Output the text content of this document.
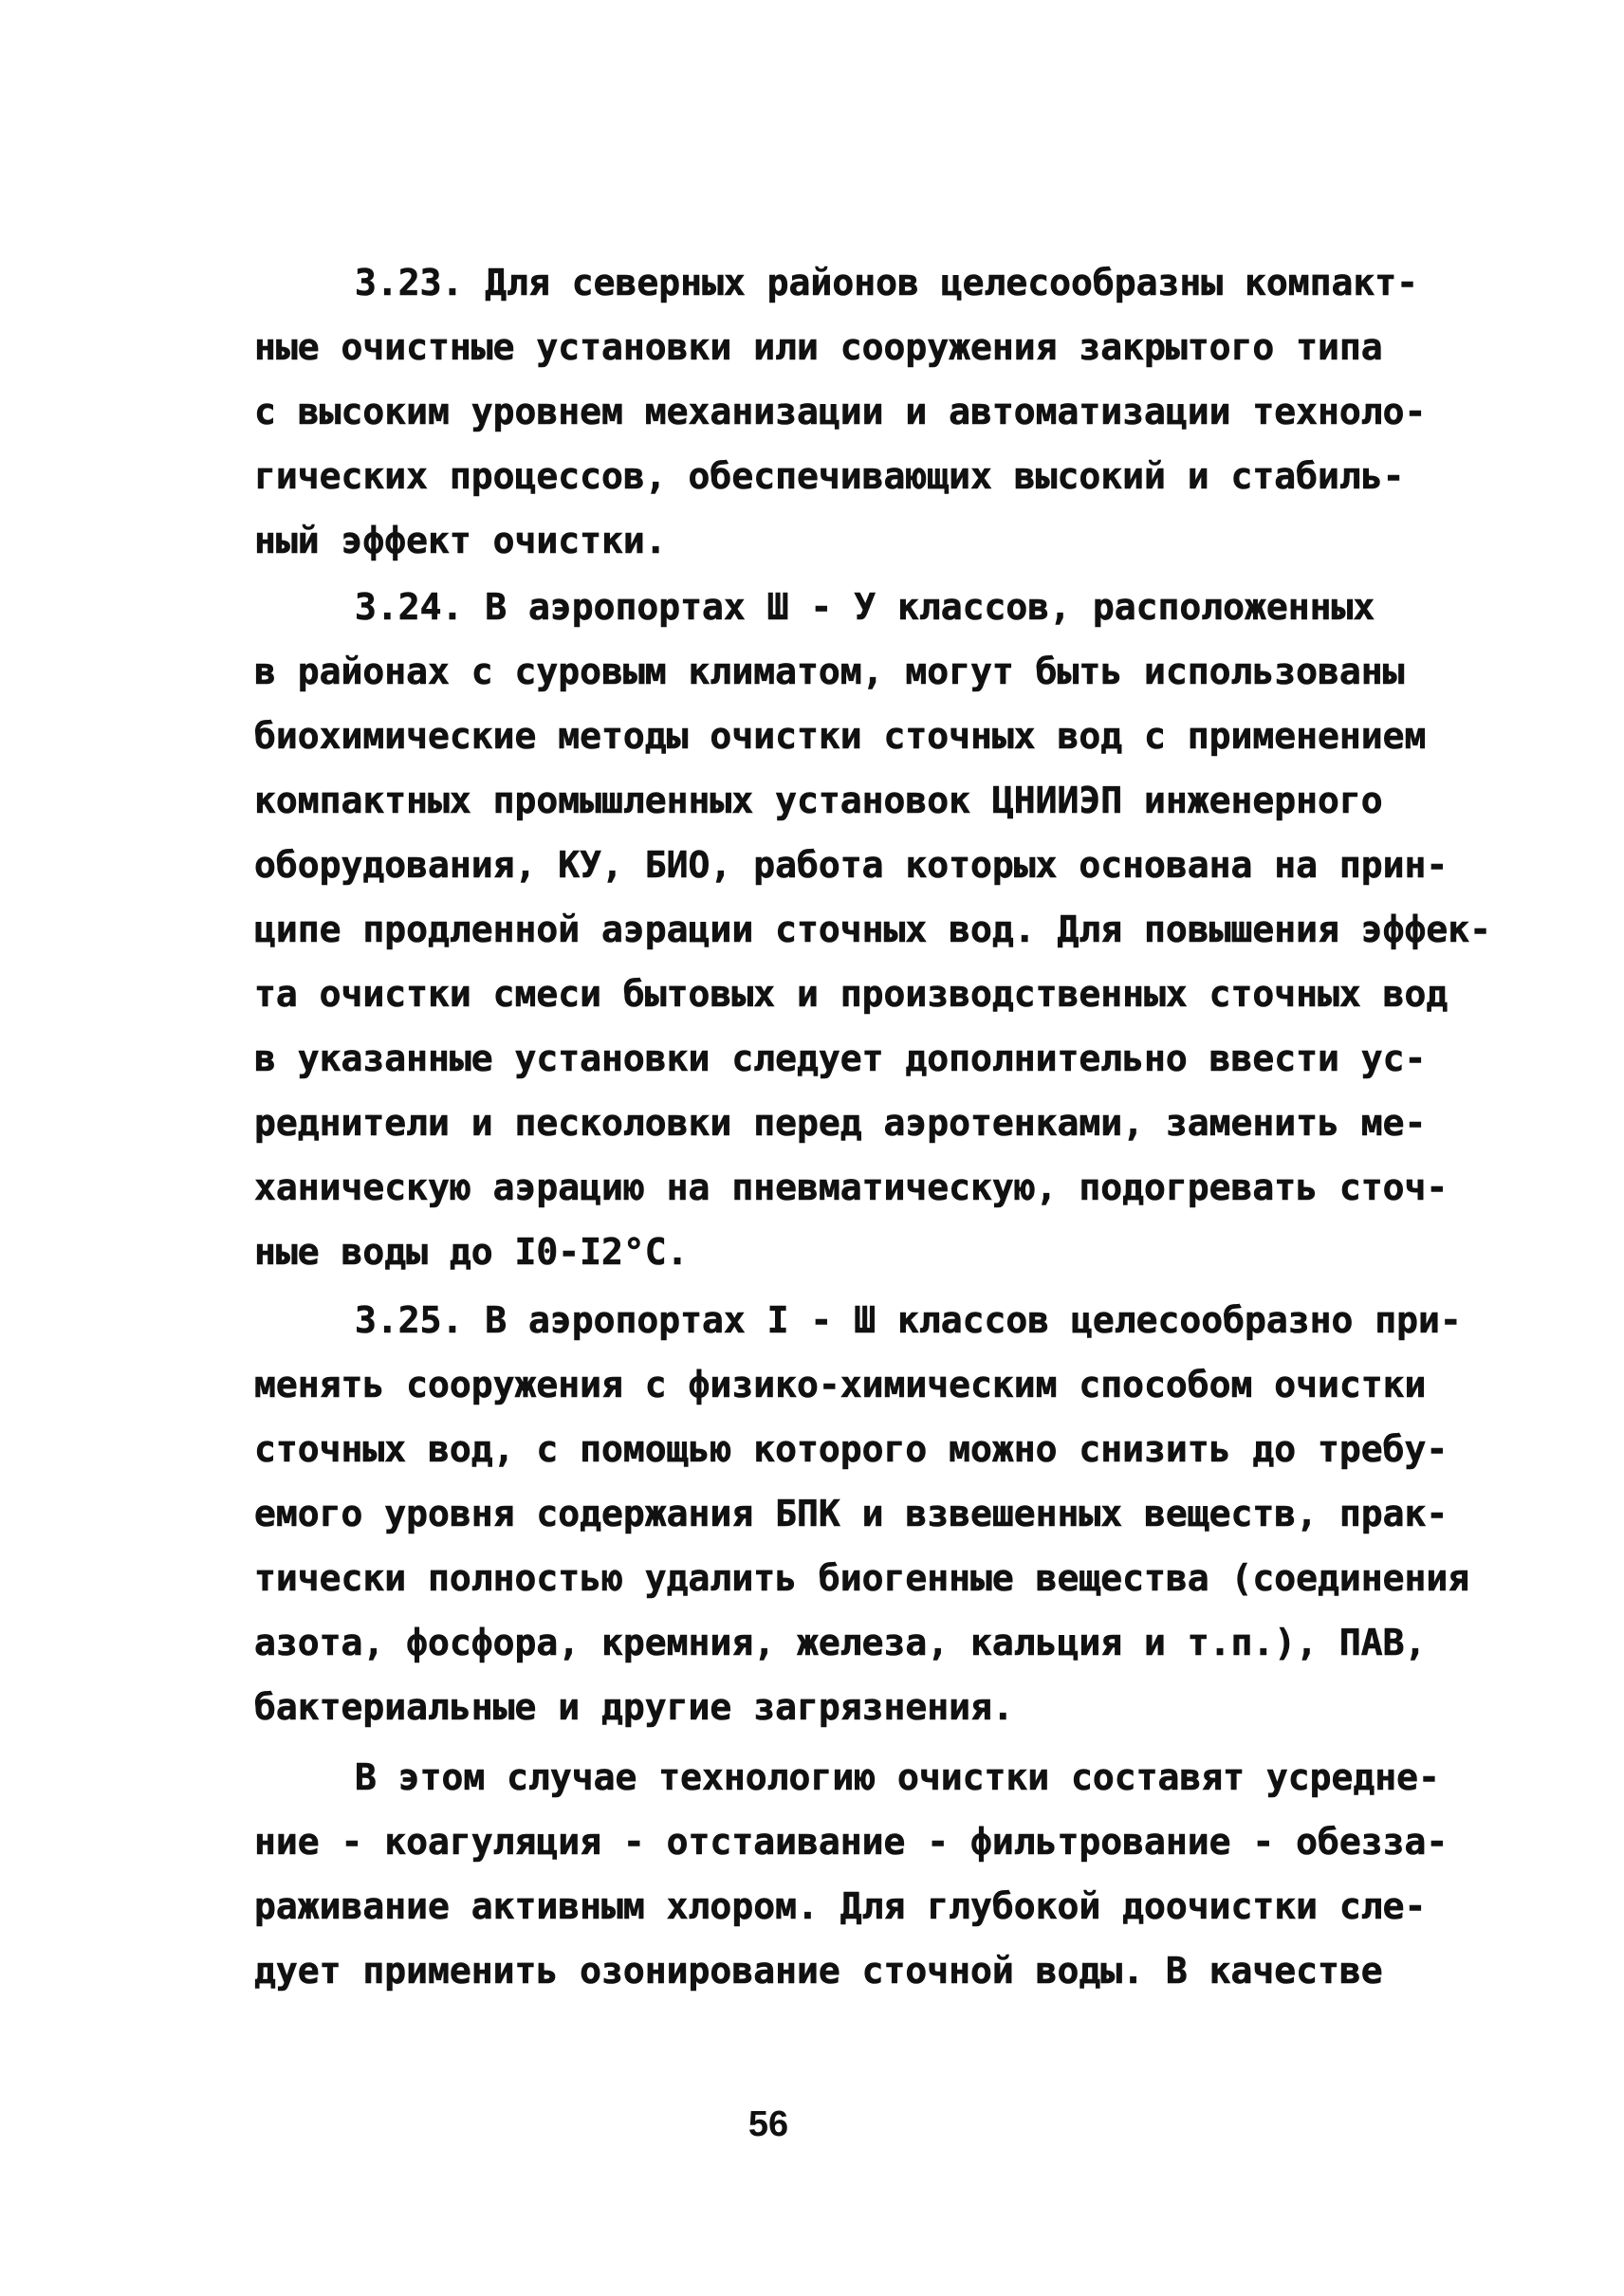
3.23. Для северных районов целесообразны компакт-
ные очистные установки или сооружения закрытого типа
с высоким уровнем механизации и автоматизации техноло-
гических процессов, обеспечивающих высокий и стабиль-
ный эффект очистки.
3.24. В аэропортах Ш - У классов, расположенных
в районах с суровым климатом, могут быть использованы
биохимические методы очистки сточных вод с применением
компактных промышленных установок ЦНИИЭП инженерного
оборудования, КУ, БИО, работа которых основана на прин-
ципе продленной аэрации сточных вод. Для повышения эффек-
та очистки смеси бытовых и производственных сточных вод
в указанные установки следует дополнительно ввести ус-
реднители и песколовки перед аэротенками, заменить ме-
ханическую аэрацию на пневматическую, подогревать сточ-
ные воды до I0-I2°С.
3.25. В аэропортах I - Ш классов целесообразно при-
менять сооружения с физико-химическим способом очистки
сточных вод, с помощью которого можно снизить до требу-
емого уровня содержания БПК и взвешенных веществ, прак-
тически полностью удалить биогенные вещества (соединения
азота, фосфора, кремния, железа, кальция и т.п.), ПАВ,
бактериальные и другие загрязнения.
В этом случае технологию очистки составят усредне-
ние - коагуляция - отстаивание - фильтрование - обезза-
раживание активным хлором. Для глубокой доочистки сле-
дует применить озонирование сточной воды. В качестве
56
